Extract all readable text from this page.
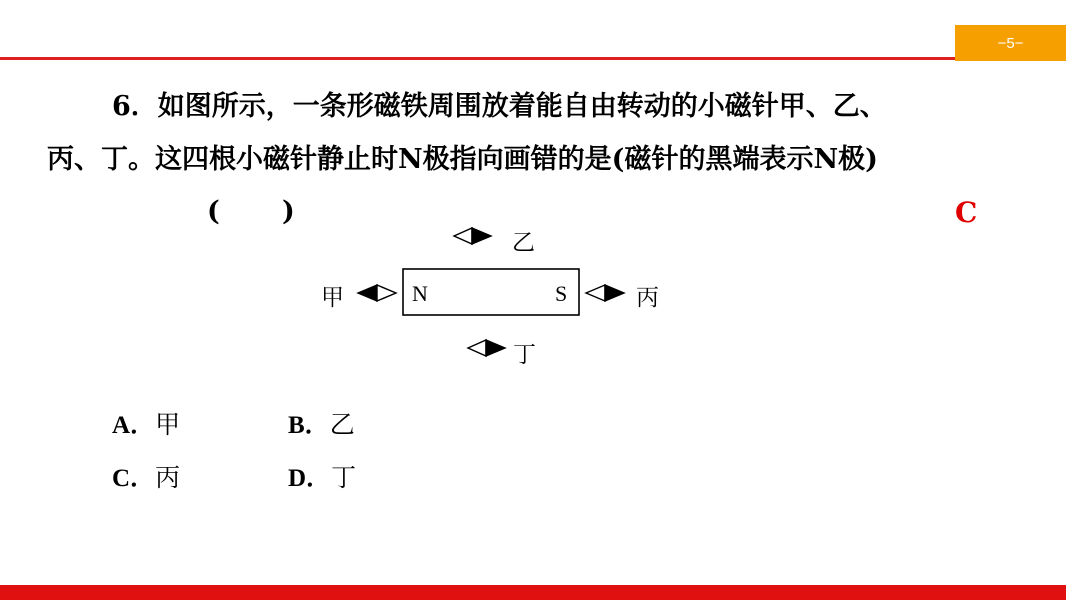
−5−
6．如图所示，一条形磁铁周围放着能自由转动的小磁针甲、乙、
丙、丁。这四根小磁针静止时N极指向画错的是(磁针的黑端表示N极)
( )	C
N	S
乙
甲	丙
丁
A．甲	B．乙
C．丙	D．丁
